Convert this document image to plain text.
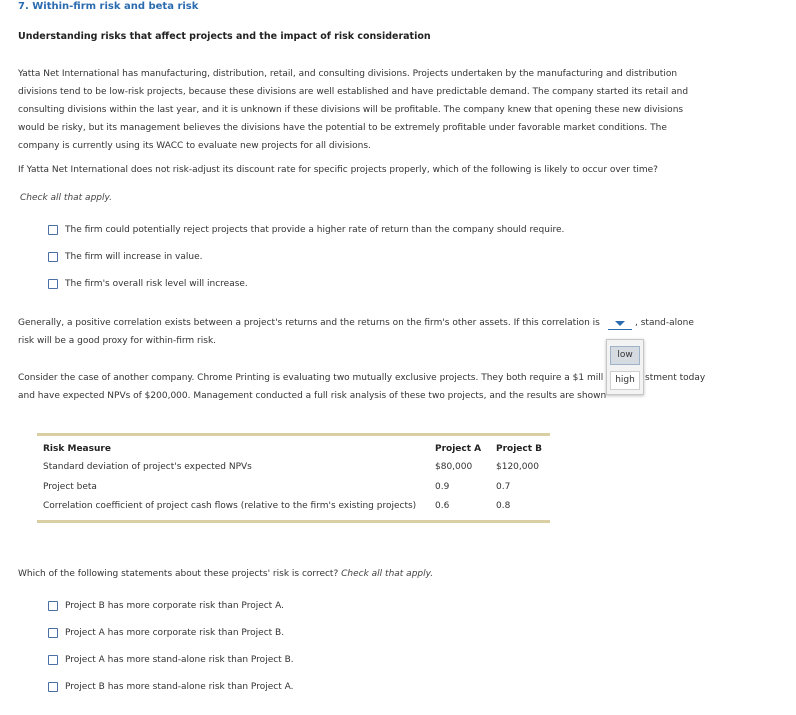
7. Within-firm risk and beta risk
Understanding risks that affect projects and the impact of risk consideration
Yatta Net International has manufacturing, distribution, retail, and consulting divisions. Projects undertaken by the manufacturing and distribution
divisions tend to be low-risk projects, because these divisions are well established and have predictable demand. The company started its retail and
consulting divisions within the last year, and it is unknown if these divisions will be profitable. The company knew that opening these new divisions
would be risky, but its management believes the divisions have the potential to be extremely profitable under favorable market conditions. The
company is currently using its WACC to evaluate new projects for all divisions.
If Yatta Net International does not risk-adjust its discount rate for specific projects properly, which of the following is likely to occur over time?
Check all that apply.
The firm could potentially reject projects that provide a higher rate of return than the company should require.
The firm will increase in value.
The firm's overall risk level will increase.
Generally, a positive correlation exists between a project's returns and the returns on the firm's other assets. If this correlation is	, stand-alone
risk will be a good proxy for within-firm risk.
Consider the case of another company. Chrome Printing is evaluating two mutually exclusive projects. They both require a $1 mill	stment today
and have expected NPVs of $200,000. Management conducted a full risk analysis of these two projects, and the results are shown
low
high
Risk Measure	Project A Project B
Standard deviation of project's expected NPVs	$80,000	$120,000
Project beta	0.9	0.7
Correlation coefficient of project cash flows (relative to the firm's existing projects) 0.6	0.8
Which of the following statements about these projects' risk is correct? Check all that apply.
Project B has more corporate risk than Project A.
Project A has more corporate risk than Project B.
Project A has more stand-alone risk than Project B.
Project B has more stand-alone risk than Project A.
